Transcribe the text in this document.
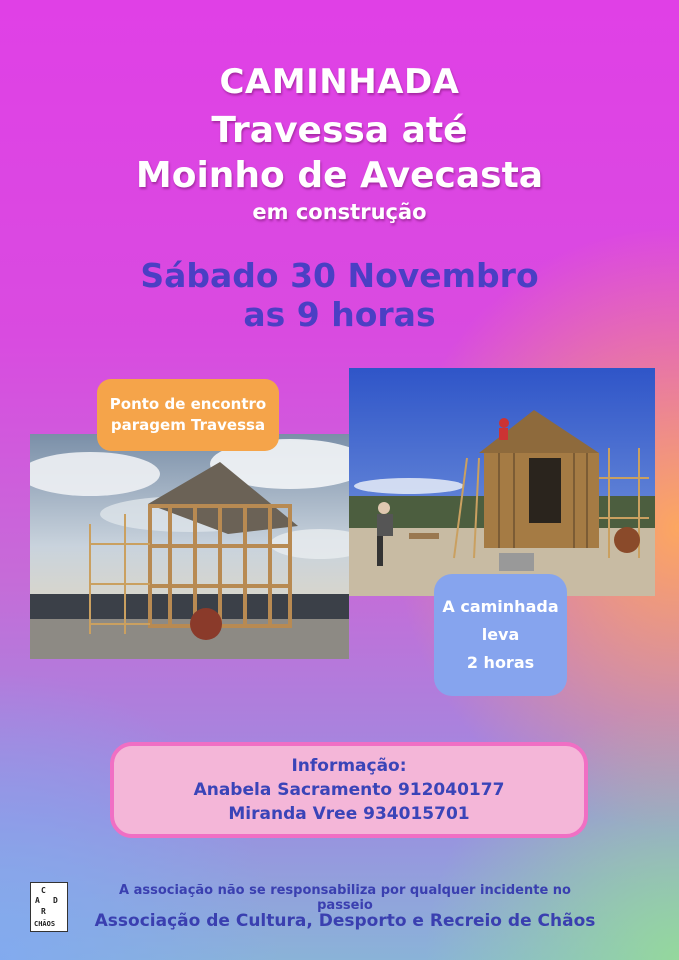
CAMINHADA
Travessa até
Moinho de Avecasta
em construção
Sábado 30 Novembro
as 9 horas
Ponto de encontro
paragem Travessa
A caminhada
leva
2 horas
Informação:
Anabela Sacramento 912040177
Miranda Vree 934015701
C
A D
R
CHÃOS
A associação não se responsabiliza por qualquer incidente no passeio
Associação de Cultura, Desporto e Recreio de Chãos
